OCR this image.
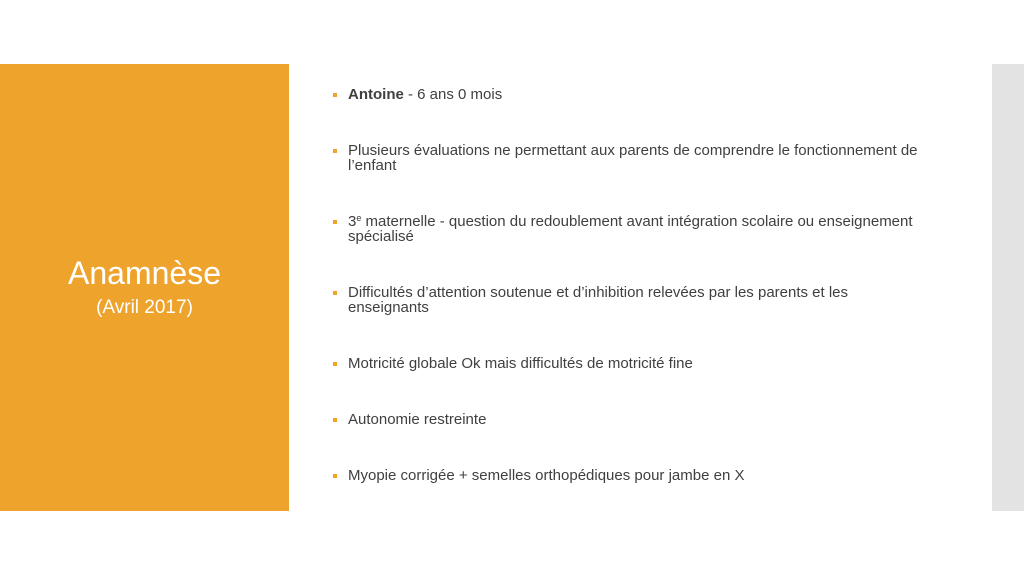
Anamnèse
(Avril 2017)
Antoine - 6 ans 0 mois
Plusieurs évaluations ne permettant aux parents de comprendre le fonctionnement de l’enfant
3e maternelle - question du redoublement avant intégration scolaire ou enseignement spécialisé
Difficultés d’attention soutenue et d’inhibition relevées par les parents et les enseignants
Motricité globale Ok mais difficultés de motricité fine
Autonomie restreinte
Myopie corrigée + semelles orthopédiques pour jambe en X
